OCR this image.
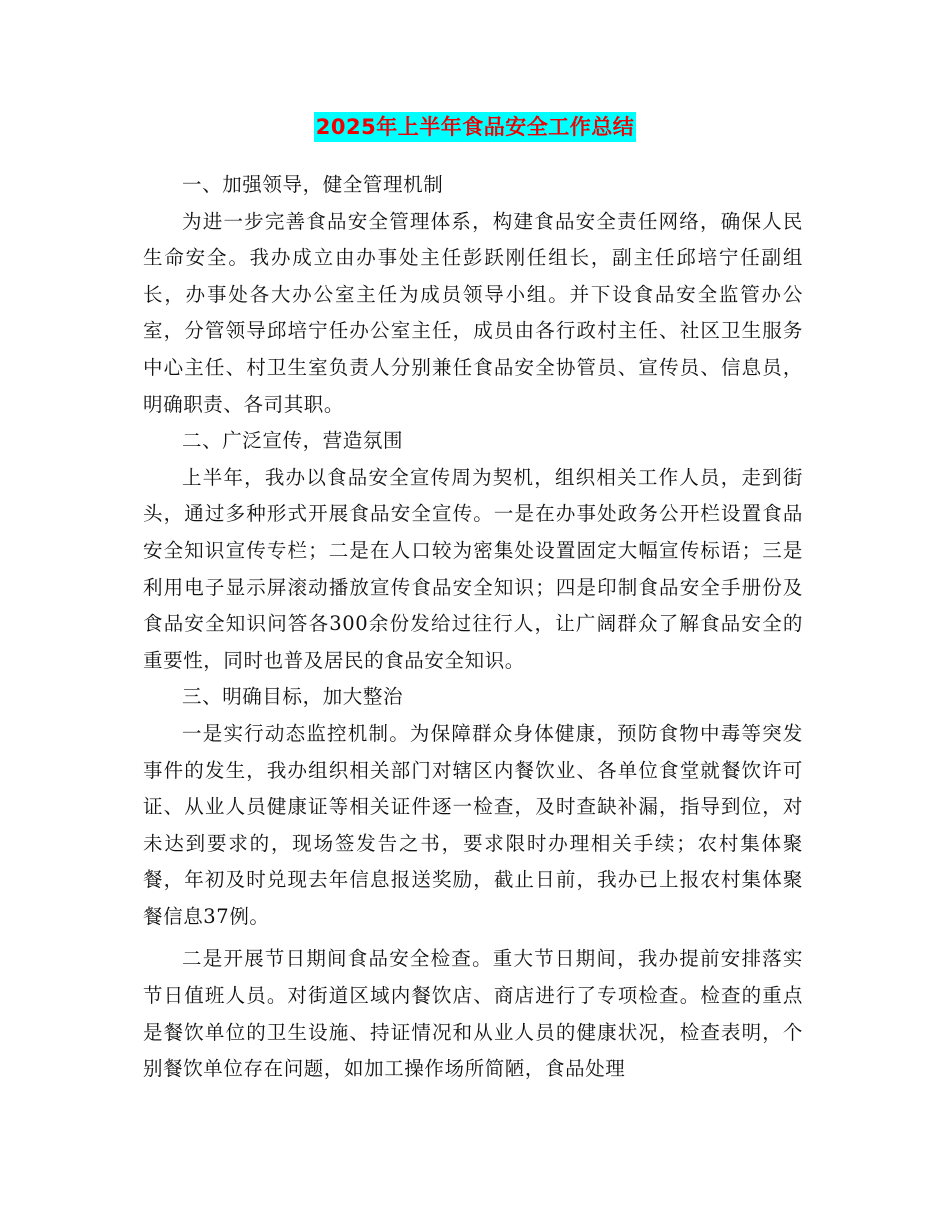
2025年上半年食品安全工作总结

一、加强领导，健全管理机制

为进一步完善食品安全管理体系，构建食品安全责任网络，确保人民生命安全。我办成立由办事处主任彭跃刚任组长，副主任邱培宁任副组长，办事处各大办公室主任为成员领导小组。并下设食品安全监管办公室，分管领导邱培宁任办公室主任，成员由各行政村主任、社区卫生服务中心主任、村卫生室负责人分别兼任食品安全协管员、宣传员、信息员，明确职责、各司其职。

二、广泛宣传，营造氛围

上半年，我办以食品安全宣传周为契机，组织相关工作人员，走到街头，通过多种形式开展食品安全宣传。一是在办事处政务公开栏设置食品安全知识宣传专栏；二是在人口较为密集处设置固定大幅宣传标语；三是利用电子显示屏滚动播放宣传食品安全知识；四是印制食品安全手册份及食品安全知识问答各300余份发给过往行人，让广阔群众了解食品安全的重要性，同时也普及居民的食品安全知识。

三、明确目标，加大整治

一是实行动态监控机制。为保障群众身体健康，预防食物中毒等突发事件的发生，我办组织相关部门对辖区内餐饮业、各单位食堂就餐饮许可证、从业人员健康证等相关证件逐一检查，及时查缺补漏，指导到位，对未达到要求的，现场签发告之书，要求限时办理相关手续；农村集体聚餐，年初及时兑现去年信息报送奖励，截止日前，我办已上报农村集体聚餐信息37例。

二是开展节日期间食品安全检查。重大节日期间，我办提前安排落实节日值班人员。对街道区域内餐饮店、商店进行了专项检查。检查的重点是餐饮单位的卫生设施、持证情况和从业人员的健康状况，检查表明，个别餐饮单位存在问题，如加工操作场所简陋，食品处理
